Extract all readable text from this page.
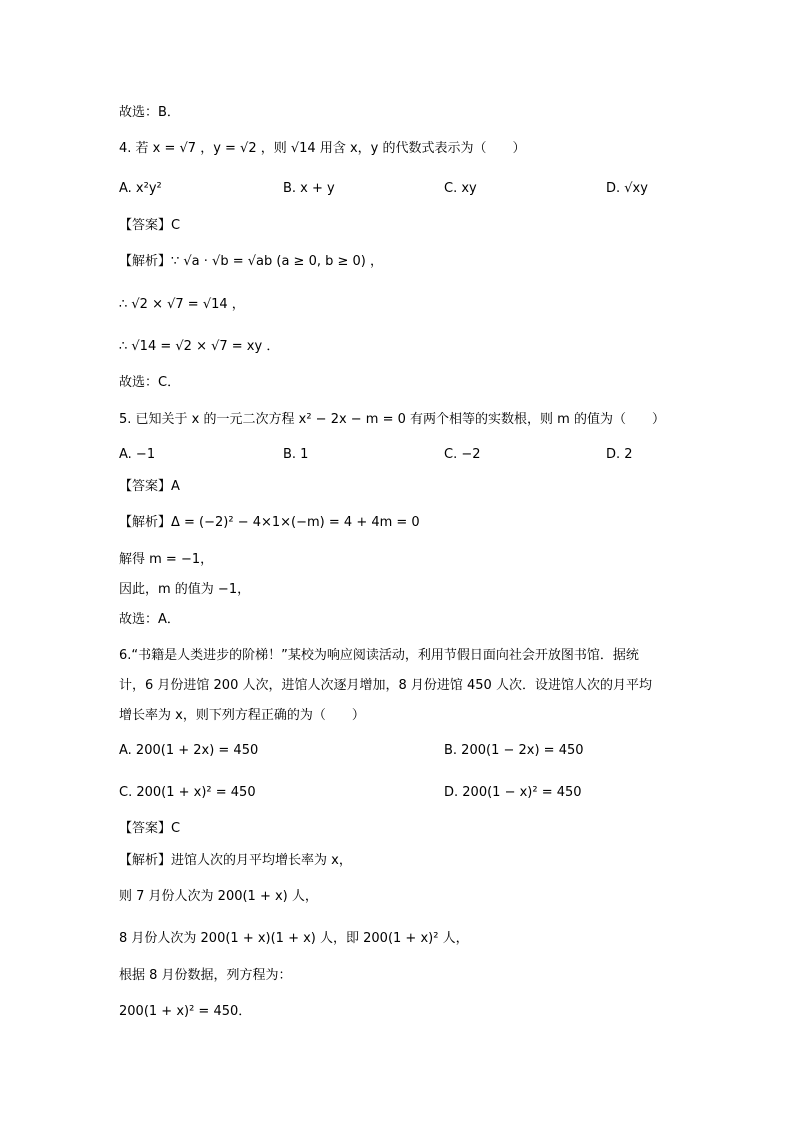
故选：B．
4. 若 x = √7 ，y = √2 ，则 √14 用含 x，y 的代数式表示为（　　）
A. x²y²	B. x + y	C. xy	D. √xy
【答案】C
【解析】∵ √a · √b = √ab (a ≥ 0, b ≥ 0) ，
∴ √2 × √7 = √14 ，
∴ √14 = √2 × √7 = xy ．
故选：C．
5. 已知关于 x 的一元二次方程 x² − 2x − m = 0 有两个相等的实数根，则 m 的值为（　　）
A. −1	B. 1	C. −2	D. 2
【答案】A
【解析】Δ = (−2)² − 4×1×(−m) = 4 + 4m = 0
解得 m = −1，
因此，m 的值为 −1，
故选：A．
6.“书籍是人类进步的阶梯！”某校为响应阅读活动，利用节假日面向社会开放图书馆．据统
计，6 月份进馆 200 人次，进馆人次逐月增加，8 月份进馆 450 人次．设进馆人次的月平均
增长率为 x，则下列方程正确的为（　　）
A. 200(1 + 2x) = 450	B. 200(1 − 2x) = 450
C. 200(1 + x)² = 450	D. 200(1 − x)² = 450
【答案】C
【解析】进馆人次的月平均增长率为 x，
则 7 月份人次为 200(1 + x) 人，
8 月份人次为 200(1 + x)(1 + x) 人，即 200(1 + x)² 人，
根据 8 月份数据，列方程为：
200(1 + x)² = 450．
